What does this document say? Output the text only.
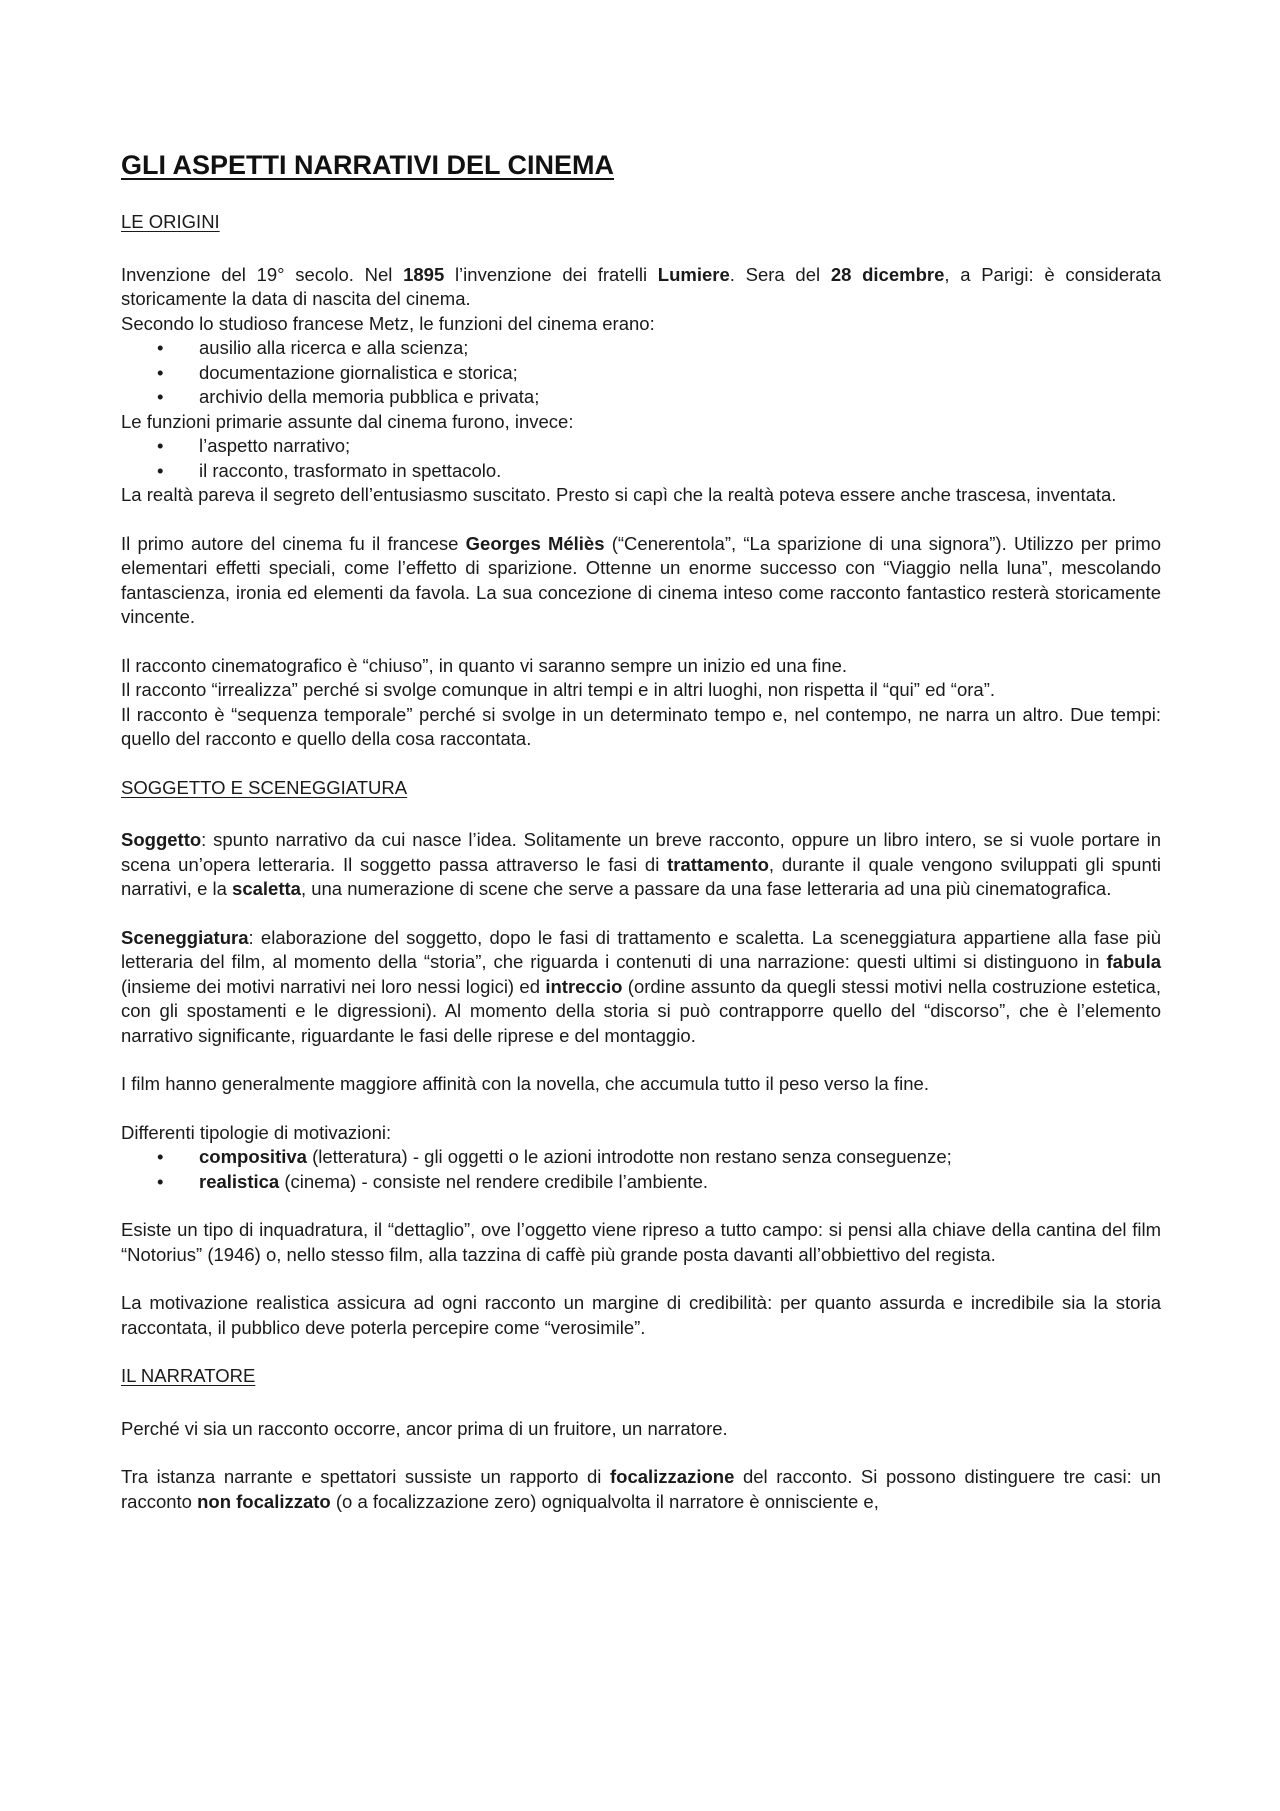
GLI ASPETTI NARRATIVI DEL CINEMA
LE ORIGINI

Invenzione del 19° secolo. Nel 1895 l’invenzione dei fratelli Lumiere. Sera del 28 dicembre, a Parigi: è considerata storicamente la data di nascita del cinema.

Secondo lo studioso francese Metz, le funzioni del cinema erano:

• ausilio alla ricerca e alla scienza;
• documentazione giornalistica e storica;
• archivio della memoria pubblica e privata;

Le funzioni primarie assunte dal cinema furono, invece:

• l’aspetto narrativo;
• il racconto, trasformato in spettacolo.

La realtà pareva il segreto dell’entusiasmo suscitato. Presto si capì che la realtà poteva essere anche trascesa, inventata.

Il primo autore del cinema fu il francese Georges Méliès (“Cenerentola”, “La sparizione di una signora”). Utilizzo per primo elementari effetti speciali, come l’effetto di sparizione. Ottenne un enorme successo con “Viaggio nella luna”, mescolando fantascienza, ironia ed elementi da favola. La sua concezione di cinema inteso come racconto fantastico resterà storicamente vincente.

Il racconto cinematografico è “chiuso”, in quanto vi saranno sempre un inizio ed una fine.

Il racconto “irrealizza” perché si svolge comunque in altri tempi e in altri luoghi, non rispetta il “qui” ed “ora”.

Il racconto è “sequenza temporale” perché si svolge in un determinato tempo e, nel contempo, ne narra un altro. Due tempi: quello del racconto e quello della cosa raccontata.

SOGGETTO E SCENEGGIATURA

Soggetto: spunto narrativo da cui nasce l’idea. Solitamente un breve racconto, oppure un libro intero, se si vuole portare in scena un’opera letteraria. Il soggetto passa attraverso le fasi di trattamento, durante il quale vengono sviluppati gli spunti narrativi, e la scaletta, una numerazione di scene che serve a passare da una fase letteraria ad una più cinematografica.

Sceneggiatura: elaborazione del soggetto, dopo le fasi di trattamento e scaletta. La sceneggiatura appartiene alla fase più letteraria del film, al momento della “storia”, che riguarda i contenuti di una narrazione: questi ultimi si distinguono in fabula (insieme dei motivi narrativi nei loro nessi logici) ed intreccio (ordine assunto da quegli stessi motivi nella costruzione estetica, con gli spostamenti e le digressioni). Al momento della storia si può contrapporre quello del “discorso”, che è l’elemento narrativo significante, riguardante le fasi delle riprese e del montaggio.

I film hanno generalmente maggiore affinità con la novella, che accumula tutto il peso verso la fine.

Differenti tipologie di motivazioni:

• compositiva (letteratura) - gli oggetti o le azioni introdotte non restano senza conseguenze;
• realistica (cinema) - consiste nel rendere credibile l’ambiente.

Esiste un tipo di inquadratura, il “dettaglio”, ove l’oggetto viene ripreso a tutto campo: si pensi alla chiave della cantina del film “Notorius” (1946) o, nello stesso film, alla tazzina di caffè più grande posta davanti all’obbiettivo del regista.

La motivazione realistica assicura ad ogni racconto un margine di credibilità: per quanto assurda e incredibile sia la storia raccontata, il pubblico deve poterla percepire come “verosimile”.

IL NARRATORE

Perché vi sia un racconto occorre, ancor prima di un fruitore, un narratore.

Tra istanza narrante e spettatori sussiste un rapporto di focalizzazione del racconto. Si possono distinguere tre casi: un racconto non focalizzato (o a focalizzazione zero) ogniqualvolta il narratore è onnisciente e,
